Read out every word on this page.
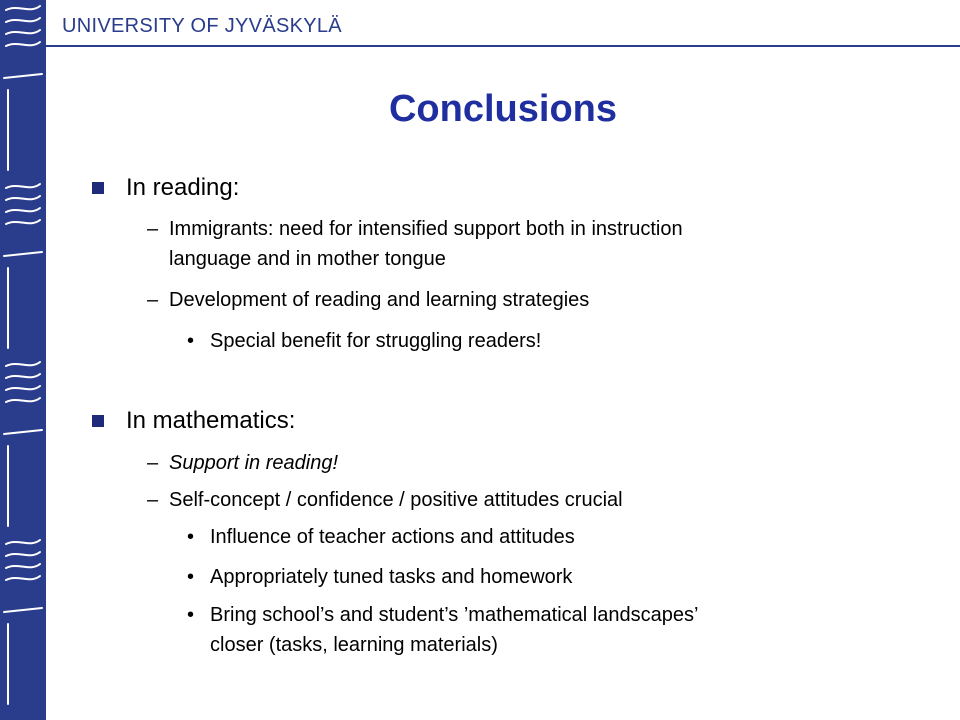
UNIVERSITY OF JYVÄSKYLÄ
Conclusions
In reading:
– Immigrants: need for intensified support both in instruction
language and in mother tongue
– Development of reading and learning strategies
• Special benefit for struggling readers!
In mathematics:
– Support in reading!
– Self-concept / confidence / positive attitudes crucial
• Influence of teacher actions and attitudes
• Appropriately tuned tasks and homework
• Bring school’s and student’s ’mathematical landscapes’
closer (tasks, learning materials)
